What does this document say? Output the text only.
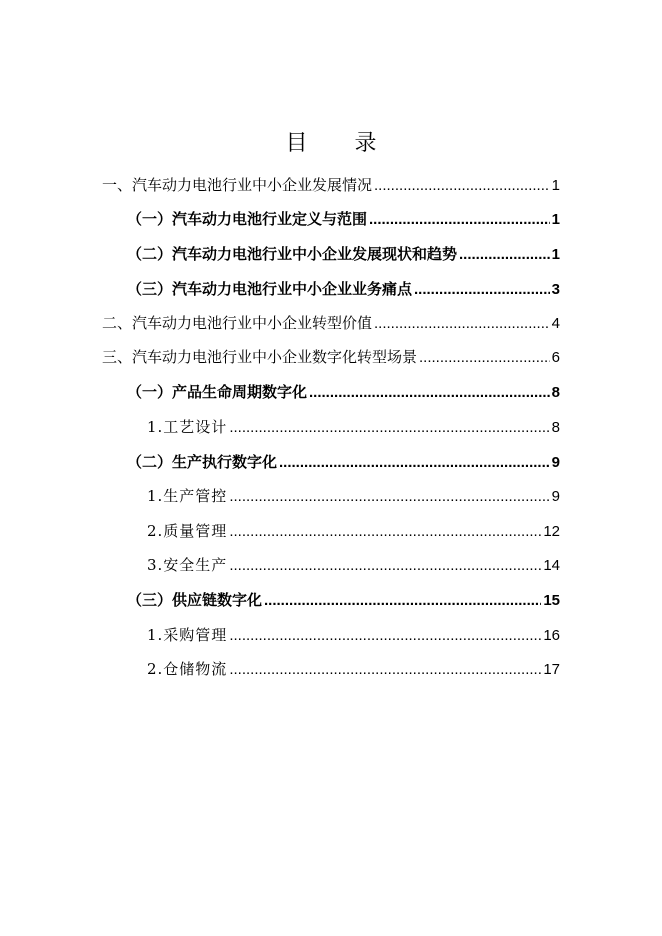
目 录
一、汽车动力电池行业中小企业发展情况 .....	1
（一）汽车动力电池行业定义与范围 .....	1
（二）汽车动力电池行业中小企业发展现状和趋势 .....	1
（三）汽车动力电池行业中小企业业务痛点 .....	3
二、汽车动力电池行业中小企业转型价值 .....	4
三、汽车动力电池行业中小企业数字化转型场景 .....	6
（一）产品生命周期数字化 .....	8
1.工艺设计 .....	8
（二）生产执行数字化 .....	9
1.生产管控 .....	9
2.质量管理 .....	12
3.安全生产 .....	14
（三）供应链数字化 .....	15
1.采购管理 .....	16
2.仓储物流 .....	17
